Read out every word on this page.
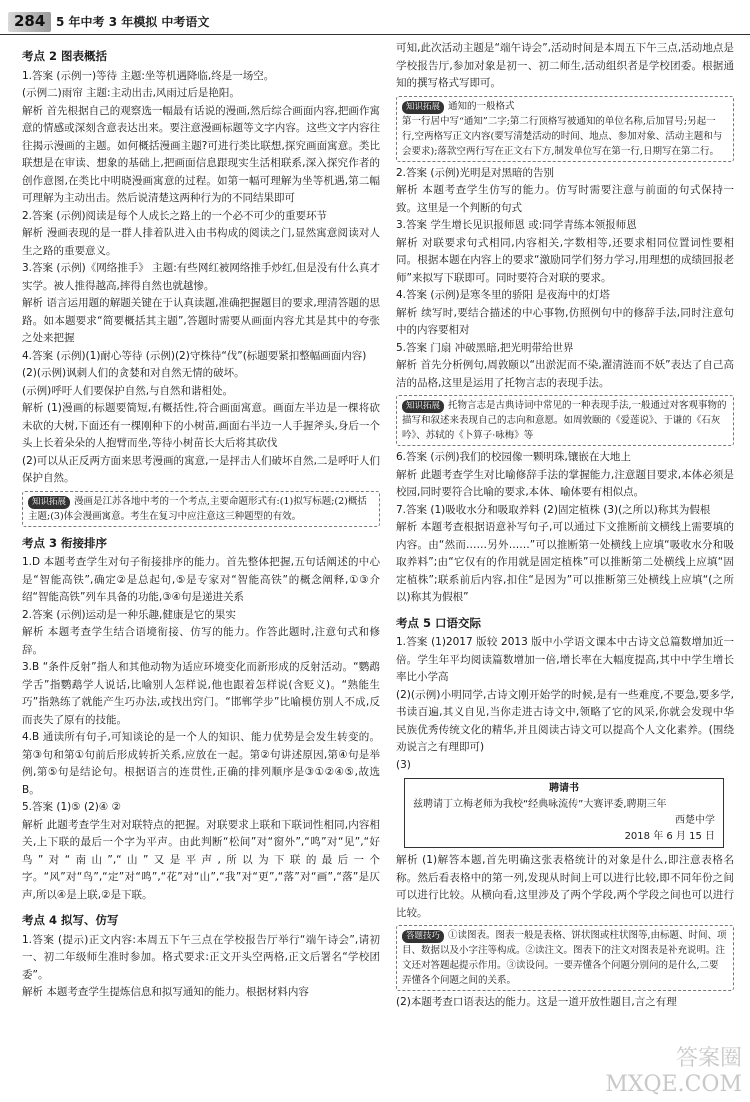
284 5 年中考 3 年模拟 中考语文

考点 2 图表概括

1.答案 (示例一)等待 主题:坐等机遇降临,终是一场空。

(示例二)雨帘 主题:主动出击,风雨过后是艳阳。

解析 首先根据自己的观察选一幅最有话说的漫画,然后综合画面内容,把画作寓意的情感或深刻含意表达出来。要注意漫画标题等文字内容。这些文字内容往往揭示漫画的主题。如何概括漫画主题?可进行类比联想,探究画面寓意。类比联想是在审读、想象的基础上,把画面信息跟现实生活相联系,深入探究作者的创作意图,在类比中明晓漫画寓意的过程。如第一幅可理解为坐等机遇,第二幅可理解为主动出击。然后说清楚这两种行为的不同结果即可

2.答案 (示例)阅读是每个人成长之路上的一个必不可少的重要环节

解析 漫画表现的是一群人排着队进入由书构成的阅读之门,显然寓意阅读对人生之路的重要意义。

3.答案 (示例)《网络推手》 主题:有些网红被网络推手炒红,但是没有什么真才实学。被人推得越高,摔得自然也就越惨。

解析 语言运用题的解题关键在于认真读题,准确把握题目的要求,理清答题的思路。如本题要求“简要概括其主题”,答题时需要从画面内容尤其是其中的夸张之处来把握

4.答案 (示例)(1)耐心等待 (示例)(2)守株待“伐”(标题要紧扣整幅画面内容)

(2)(示例)讽刺人们的贪婪和对自然无情的破坏。

(示例)呼吁人们要保护自然,与自然和谐相处。

解析 (1)漫画的标题要简短,有概括性,符合画面寓意。画面左半边是一棵将砍未砍的大树,下面还有一棵刚种下的小树苗,画面右半边一人手握斧头,身后一个头上长着朵朵的人抱臂而坐,等待小树苗长大后将其砍伐

(2)可以从正反两方面来思考漫画的寓意,一是抨击人们破坏自然,二是呼吁人们保护自然。

知识拓展 漫画是江苏各地中考的一个考点,主要命题形式有:(1)拟写标题;(2)概括主题;(3)体会漫画寓意。考生在复习中应注意这三种题型的有效。

考点 3 衔接排序

1.D 本题考查学生对句子衔接排序的能力。首先整体把握,五句话阐述的中心是“智能高铁”,确定②是总起句,⑤是专家对“智能高铁”的概念阐释,①③介绍“智能高铁”列车具备的功能,③④句是递进关系

2.答案 (示例)运动是一种乐趣,健康是它的果实

解析 本题考查学生结合语境衔接、仿写的能力。作答此题时,注意句式和修辞。

3.B “条件反射”指人和其他动物为适应环境变化而新形成的反射活动。“鹦鹉学舌”指鹦鹉学人说话,比喻别人怎样说,他也跟着怎样说(含贬义)。“熟能生巧”指熟练了就能产生巧办法,或找出窍门。“邯郸学步”比喻模仿别人不成,反而丧失了原有的技能。

4.B 通读所有句子,可知谈论的是一个人的知识、能力优势是会发生转变的。第③句和第①句前后形成转折关系,应放在一起。第②句讲述原因,第④句是举例,第⑤句是结论句。根据语言的连贯性,正确的排列顺序是③①②④⑤,故选 B。

5.答案 (1)⑤ (2)④ ②

解析 此题考查学生对对联特点的把握。对联要求上联和下联词性相同,内容相关,上下联的最后一个字为平声。由此判断“松间”对“窗外”,“鸣”对“见”,“好鸟”对“南山”,“山”又是平声,所以为下联的最后一个字。“风”对“鸟”,“定”对“鸣”,“花”对“山”,“我”对“更”,“落”对“画”,“落”是仄声,所以④是上联,②是下联。

考点 4 拟写、仿写

1.答案 (提示)正文内容:本周五下午三点在学校报告厅举行“端午诗会”,请初一、初二年级师生准时参加。格式要求:正文开头空两格,正文后署名“学校团委”。

解析 本题考查学生提炼信息和拟写通知的能力。根据材料内容

可知,此次活动主题是“端午诗会”,活动时间是本周五下午三点,活动地点是学校报告厅,参加对象是初一、初二师生,活动组织者是学校团委。根据通知的撰写格式写即可。

知识拓展 通知的一般格式
第一行居中写“通知”二字;第二行顶格写被通知的单位名称,后加冒号;另起一行,空两格写正文内容(要写清楚活动的时间、地点、参加对象、活动主题和与会要求);落款空两行写在正文右下方,制发单位写在第一行,日期写在第二行。

2.答案 (示例)光明是对黑暗的告别

解析 本题考查学生仿写的能力。仿写时需要注意与前面的句式保持一致。这里是一个判断的句式

3.答案 学生增长见识报师恩 或:同学青练本领报师恩

解析 对联要求句式相同,内容相关,字数相等,还要求相同位置词性要相同。根据本题在内容上的要求“激励同学们努力学习,用理想的成绩回报老师”来拟写下联即可。同时要符合对联的要求。

4.答案 (示例)是寒冬里的骄阳 是夜海中的灯塔

解析 续写时,要结合描述的中心事物,仿照例句中的修辞手法,同时注意句中的内容要相对

5.答案 门扇 冲破黑暗,把光明带给世界

解析 首先分析例句,周敦颐以“出淤泥而不染,濯清涟而不妖”表达了自己高洁的品格,这里是运用了托物言志的表现手法。

知识拓展 托物言志是古典诗词中常见的一种表现手法,一般通过对客观事物的描写和叙述来表现自己的志向和意愿。如周敦颐的《爱莲说》、于谦的《石灰吟》、苏轼的《卜算子·咏梅》等

6.答案 (示例)我们的校园像一颗明珠,镶嵌在大地上

解析 此题考查学生对比喻修辞手法的掌握能力,注意题目要求,本体必须是校园,同时要符合比喻的要求,本体、喻体要有相似点。

7.答案 (1)吸收水分和吸取养料 (2)固定植株 (3)(之所以)称其为假根

解析 本题考查根据语意补写句子,可以通过下文推断前文横线上需要填的内容。由“然而……另外……”可以推断第一处横线上应填“吸收水分和吸取养料”;由“它仅有的作用就是固定植株”可以推断第二处横线上应填“固定植株”;联系前后内容,扣住“是因为”可以推断第三处横线上应填“(之所以)称其为假根”

考点 5 口语交际

1.答案 (1)2017 版较 2013 版中小学语文课本中古诗文总篇数增加近一倍。学生年平均阅读篇数增加一倍,增长率在大幅度提高,其中中学生增长率比小学高

(2)(示例)小明同学,古诗文刚开始学的时候,是有一些难度,不要急,要多学,书读百遍,其义自见,当你走进古诗文中,领略了它的风采,你就会发现中华民族优秀传统文化的精华,并且阅读古诗文可以提高个人文化素养。(围绕劝说言之有理即可)

(3)

聘请书
兹聘请丁立梅老师为我校“经典咏流传”大赛评委,聘期三年
西楚中学
2018 年 6 月 15 日

解析 (1)解答本题,首先明确这张表格统计的对象是什么,即注意表格名称。然后看表格中的第一列,发现从时间上可以进行比较,即不同年份之间可以进行比较。从横向看,这里涉及了两个学段,两个学段之间也可以进行比较。

答题技巧 ①读图表。图表一般是表格、饼状图或柱状图等,由标题、时间、项目、数据以及小字注等构成。②读注文。图表下的注文对图表是补充说明。注文还对答题起提示作用。③读设问。一要弄懂各个问题分别问的是什么,二要弄懂各个问题之间的关系。

(2)本题考查口语表达的能力。这是一道开放性题目,言之有理

答案圈
MXQE.COM
